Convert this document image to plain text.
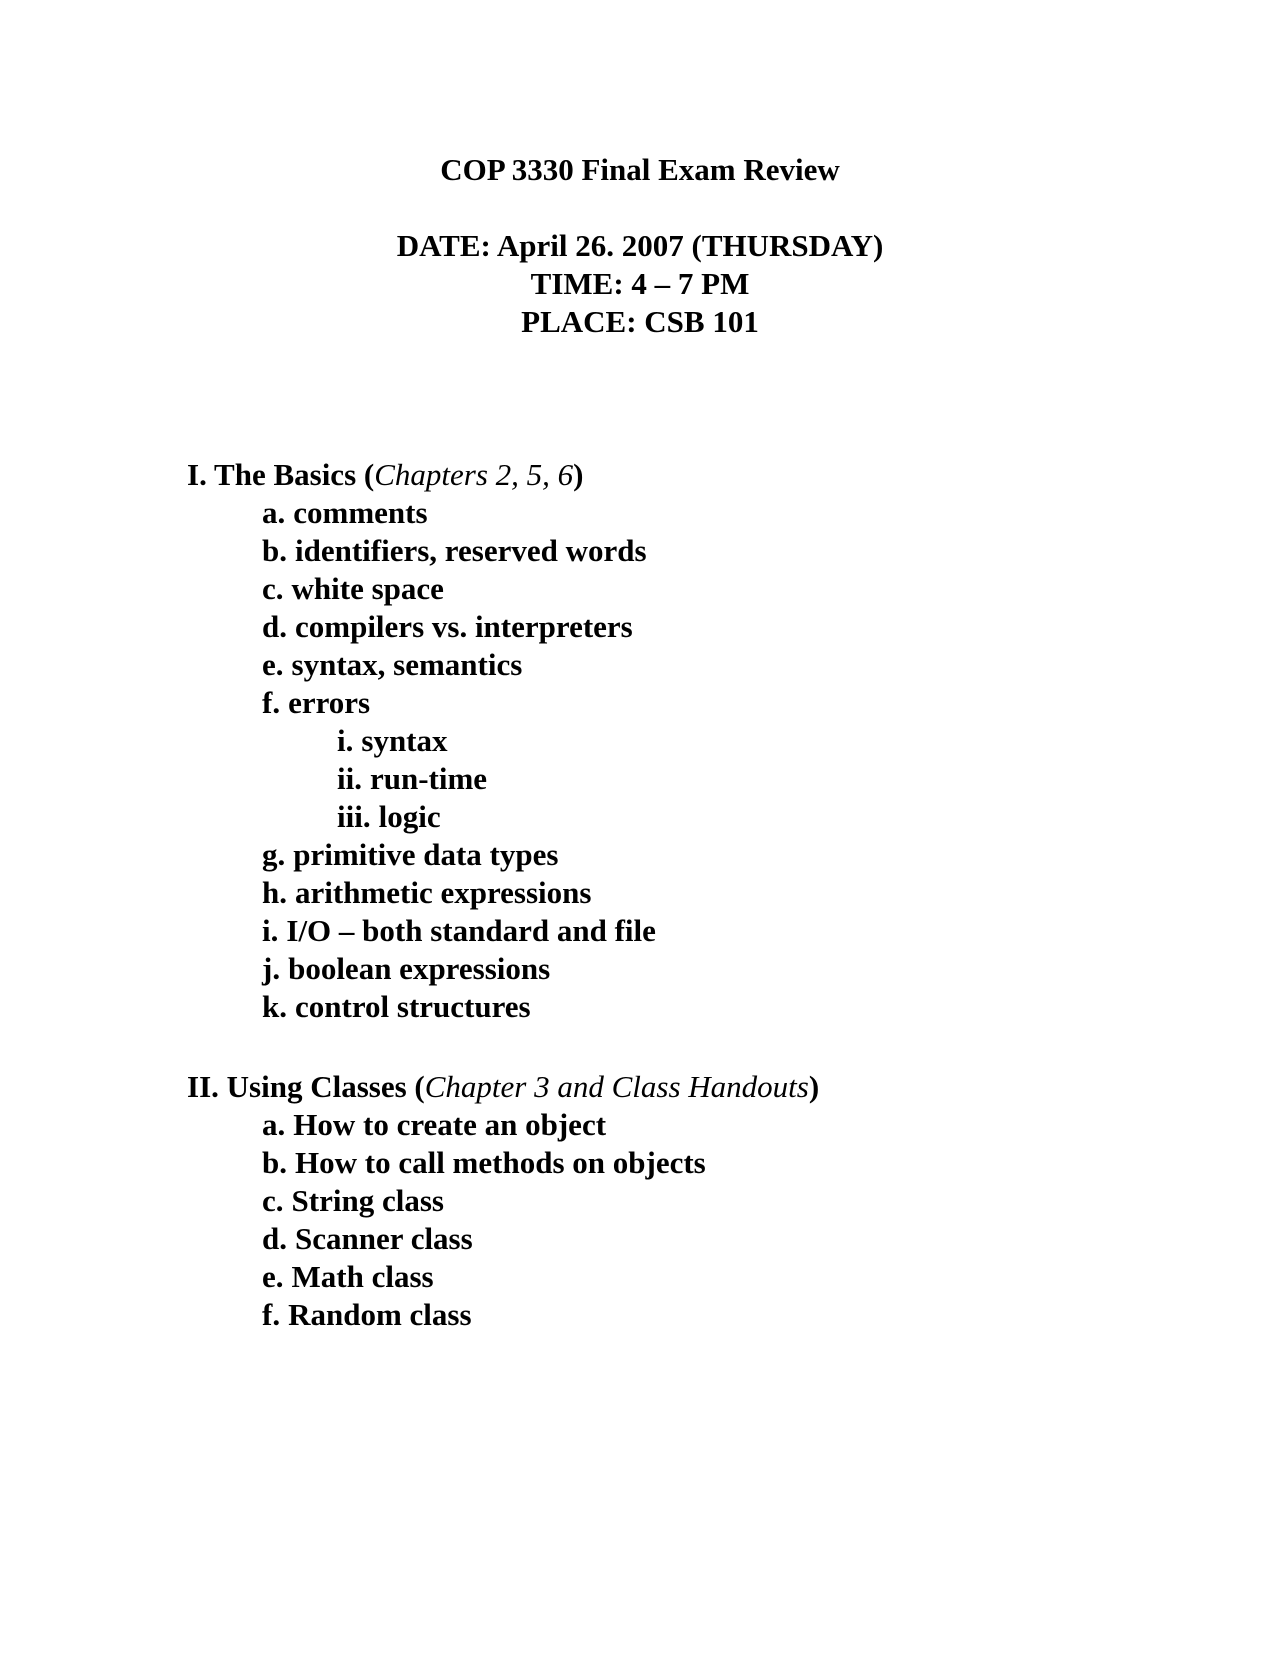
COP 3330 Final Exam Review
DATE: April 26. 2007 (THURSDAY)
TIME: 4 – 7 PM
PLACE: CSB 101
I. The Basics (Chapters 2, 5, 6)
a. comments
b. identifiers, reserved words
c. white space
d. compilers vs. interpreters
e. syntax, semantics
f. errors
i. syntax
ii. run-time
iii. logic
g. primitive data types
h. arithmetic expressions
i. I/O – both standard and file
j. boolean expressions
k. control structures
II. Using Classes (Chapter 3 and Class Handouts)
a. How to create an object
b. How to call methods on objects
c. String class
d. Scanner class
e. Math class
f. Random class
